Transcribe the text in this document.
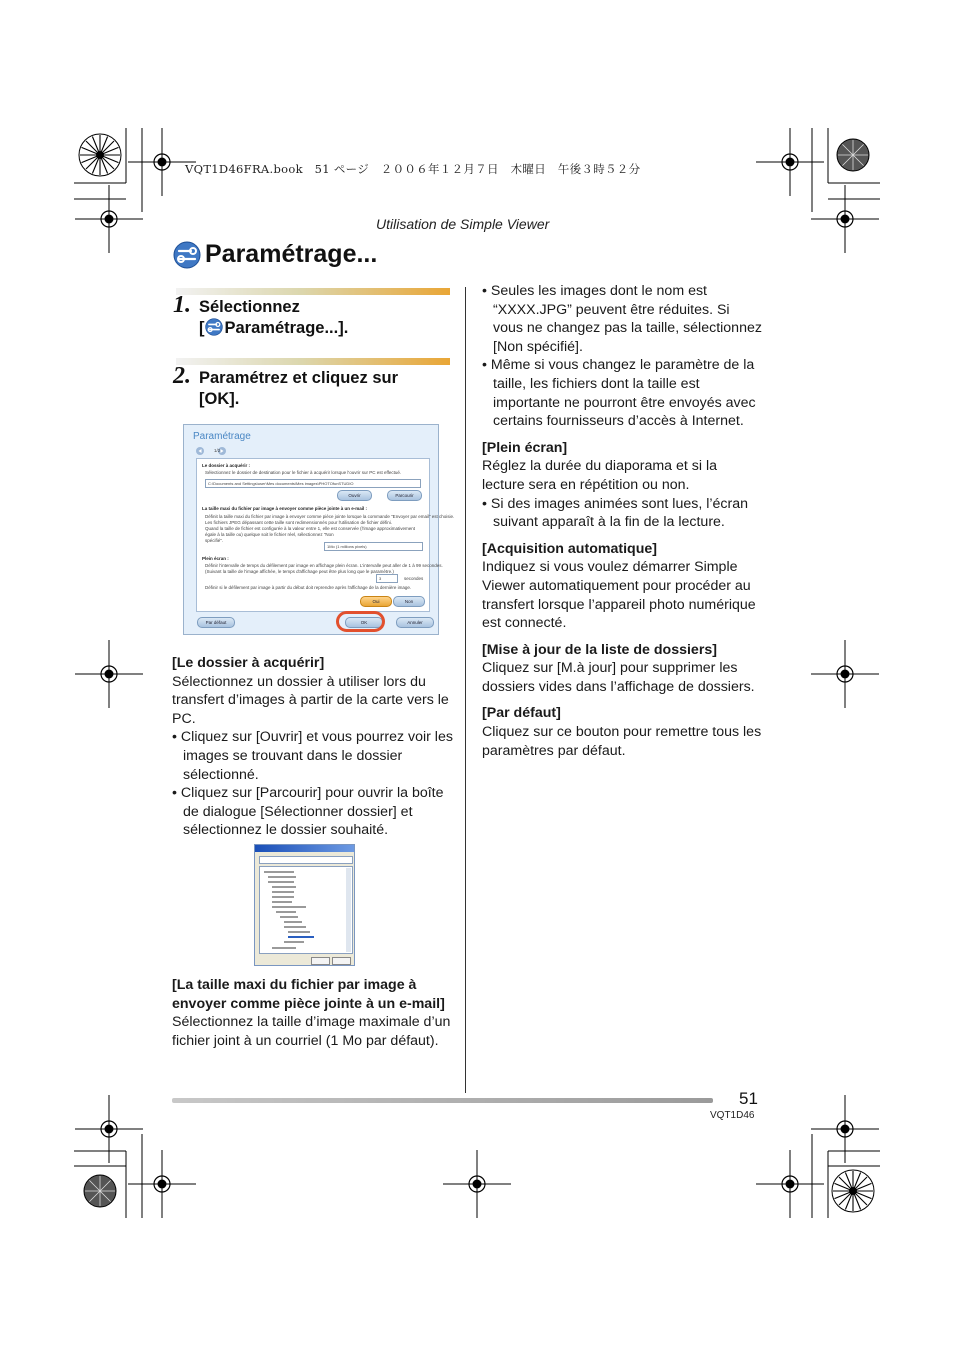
VQT1D46FRA.book　51 ページ　２００６年１２月７日　木曜日　午後３時５２分
Utilisation de Simple Viewer
Paramétrage...
1. Sélectionnez
[ Paramétrage...].
2. Paramétrez et cliquez sur
[OK].
Paramétrage
1/2
Le dossier à acquérir :
Sélectionnez le dossier de destination pour le fichier à acquérir lorsque l'ouvrir sur PC est effectué.
C:\Documents and Settings\user\Mes documents\Mes images\PHOTOfunSTUDIO
Ouvrir	Parcourir
La taille maxi du fichier par image à envoyer comme pièce jointe à un e-mail :
Définit la taille maxi du fichier par image à envoyer comme pièce jointe lorsque la commande "Envoyer par email" est choisie.
Les fichiers JPEG dépassant cette taille sont redimensionnés pour l'utilisation de fichier défini.
Quand la taille de fichier est configurée à la valeur entre 1, elle est conservée (l'image approximativement égale à la taille ou) quelque soit le fichier réel, sélectionnez "Non
spécifié".
1Mo (1 millions pixels)
Plein écran :
Définir l'intervalle de temps du défilement par image en affichage plein écran. L'intervalle peut aller de 1 à 99 secondes.
(Suivant la taille de l'image affichée, le temps d'affichage peut être plus long que le paramètre.)
3	secondes
Définir si le défilement par image à partir du début doit reprendre après l'affichage de la dernière image.
Oui	Non
Par défaut	OK	Annuler

[Le dossier à acquérir]

Sélectionnez un dossier à utiliser lors du transfert d’images à partir de la carte vers le PC.

• Cliquez sur [Ouvrir] et vous pourrez voir les images se trouvant dans le dossier sélectionné.
• Cliquez sur [Parcourir] pour ouvrir la boîte de dialogue [Sélectionner dossier] et sélectionnez le dossier souhaité.

[La taille maxi du fichier par image à envoyer comme pièce jointe à un e-mail]

Sélectionnez la taille d’image maximale d’un fichier joint à un courriel (1 Mo par défaut).

• Seules les images dont le nom est “XXXX.JPG” peuvent être réduites. Si vous ne changez pas la taille, sélectionnez [Non spécifié].
• Même si vous changez le paramètre de la taille, les fichiers dont la taille est importante ne pourront être envoyés avec certains fournisseurs d’accès à Internet.

[Plein écran]

Réglez la durée du diaporama et si la lecture sera en répétition ou non.

• Si des images animées sont lues, l’écran suivant apparaît à la fin de la lecture.

[Acquisition automatique]

Indiquez si vous voulez démarrer Simple Viewer automatiquement pour procéder au transfert lorsque l’appareil photo numérique est connecté.

[Mise à jour de la liste de dossiers]

Cliquez sur [M.à jour] pour supprimer les dossiers vides dans l’affichage de dossiers.

[Par défaut]

Cliquez sur ce bouton pour remettre tous les paramètres par défaut.

51
VQT1D46
